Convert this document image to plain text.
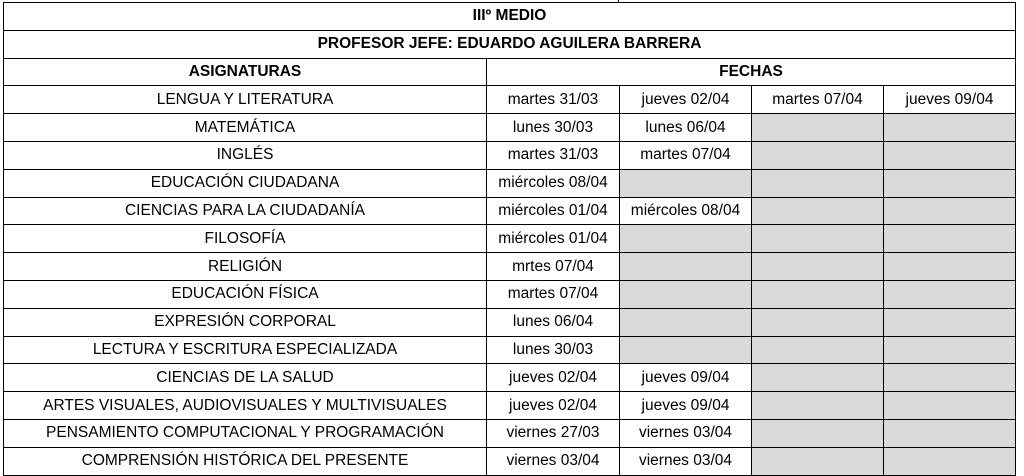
IIIº MEDIO				
PROFESOR JEFE: EDUARDO AGUILERA BARRERA				
ASIGNATURAS	FECHAS			
LENGUA Y LITERATURA	martes 31/03	jueves 02/04	martes 07/04	jueves 09/04
MATEMÁTICA	lunes 30/03	lunes 06/04		
INGLÉS	martes 31/03	martes 07/04		
EDUCACIÓN CIUDADANA	miércoles 08/04			
CIENCIAS PARA LA CIUDADANÍA	miércoles 01/04	miércoles 08/04		
FILOSOFÍA	miércoles 01/04			
RELIGIÓN	mrtes 07/04			
EDUCACIÓN FÍSICA	martes 07/04			
EXPRESIÓN CORPORAL	lunes 06/04			
LECTURA Y ESCRITURA ESPECIALIZADA	lunes 30/03			
CIENCIAS DE LA SALUD	jueves 02/04	jueves 09/04		
ARTES VISUALES, AUDIOVISUALES Y MULTIVISUALES	jueves 02/04	jueves 09/04		
PENSAMIENTO COMPUTACIONAL Y PROGRAMACIÓN	viernes 27/03	viernes 03/04		
COMPRENSIÓN HISTÓRICA DEL PRESENTE	viernes 03/04	viernes 03/04		
